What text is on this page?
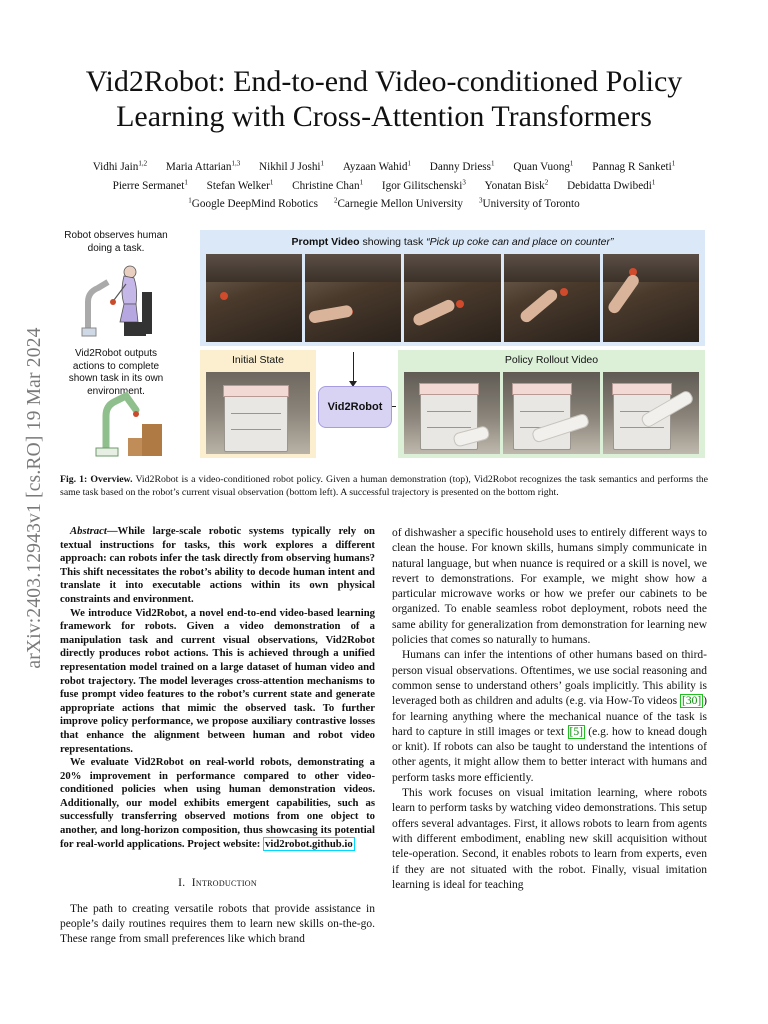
arXiv:2403.12943v1 [cs.RO] 19 Mar 2024
Vid2Robot: End-to-end Video-conditioned Policy Learning with Cross-Attention Transformers
Vidhi Jain$^{1,2}$ Maria Attarian$^{1,3}$ Nikhil J Joshi$^1$ Ayzaan Wahid$^1$ Danny Driess$^1$ Quan Vuong$^1$ Pannag R Sanketi$^1$
Pierre Sermanet$^1$ Stefan Welker$^1$ Christine Chan$^1$ Igor Gilitschenski$^3$ Yonatan Bisk$^2$ Debidatta Dwibedi$^1$
$^1$Google DeepMind Robotics $^2$Carnegie Mellon University $^3$University of Toronto
Robot observes human doing a task.
Vid2Robot outputs actions to complete shown task in its own environment.
Prompt Video showing task “Pick up coke can and place on counter”
Initial State
Vid2Robot
Policy Rollout Video
Fig. 1: Overview. Vid2Robot is a video-conditioned robot policy. Given a human demonstration (top), Vid2Robot recognizes the task semantics and performs the same task based on the robot’s current visual observation (bottom left). A successful trajectory is presented on the bottom right.

Abstract—While large-scale robotic systems typically rely on textual instructions for tasks, this work explores a different approach: can robots infer the task directly from observing humans? This shift necessitates the robot’s ability to decode human intent and translate it into executable actions within its own physical constraints and environment.

We introduce Vid2Robot, a novel end-to-end video-based learning framework for robots. Given a video demonstration of a manipulation task and current visual observations, Vid2Robot directly produces robot actions. This is achieved through a unified representation model trained on a large dataset of human video and robot trajectory. The model leverages cross-attention mechanisms to fuse prompt video features to the robot’s current state and generate appropriate actions that mimic the observed task. To further improve policy performance, we propose auxiliary contrastive losses that enhance the alignment between human and robot video representations.

We evaluate Vid2Robot on real-world robots, demonstrating a 20% improvement in performance compared to other video-conditioned policies when using human demonstration videos. Additionally, our model exhibits emergent capabilities, such as successfully transferring observed motions from one object to another, and long-horizon composition, thus showcasing its potential for real-world applications. Project website: vid2robot.github.io

I. Introduction

The path to creating versatile robots that provide assistance in people’s daily routines requires them to learn new skills on-the-go. These range from small preferences like which brand

of dishwasher a specific household uses to entirely different ways to clean the house. For known skills, humans simply communicate in natural language, but when nuance is required or a skill is novel, we revert to demonstrations. For example, we might show how a particular microwave works or how we prefer our cabinets to be organized. To enable seamless robot deployment, robots need the same ability for generalization from demonstration for learning new policies that comes so naturally to humans.

Humans can infer the intentions of other humans based on third-person visual observations. Oftentimes, we use social reasoning and common sense to understand others’ goals implicitly. This ability is leveraged both as children and adults (e.g. via How-To videos [30] ) for learning anything where the mechanical nuance of the task is hard to capture in still images or text [5] (e.g. how to knead dough or knit). If robots can also be taught to understand the intentions of other agents, it might allow them to better interact with humans and perform tasks more efficiently.

This work focuses on visual imitation learning, where robots learn to perform tasks by watching video demonstrations. This setup offers several advantages. First, it allows robots to learn from agents with different embodiment, enabling new skill acquisition without tele-operation. Second, it enables robots to learn from experts, even if they are not situated with the robot. Finally, visual imitation learning is ideal for teaching
